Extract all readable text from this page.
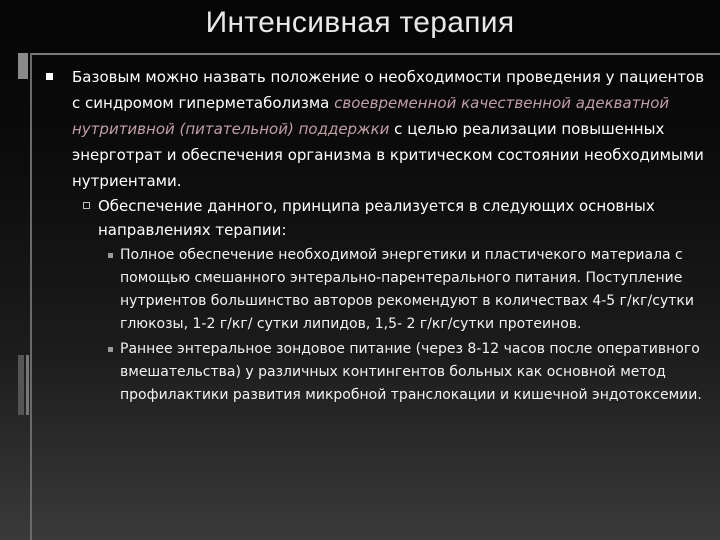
Интенсивная терапия
Базовым можно назвать положение о необходимости проведения у пациентов с синдромом гиперметаболизма своевременной качественной адекватной нутритивной (питательной) поддержки с целью реализации повышенных энерготрат и обеспечения организма в критическом состоянии необходимыми нутриентами.
Обеспечение данного, принципа реализуется в следующих основных направлениях терапии:
Полное обеспечение необходимой энергетики и пластичекого материала с помощью смешанного энтерально-парентерального питания. Поступление нутриентов большинство авторов рекомендуют в количествах 4-5 г/кг/сутки глюкозы, 1-2 г/кг/ сутки липидов, 1,5- 2 г/кг/сутки протеинов.
Раннее энтеральное зондовое питание (через 8-12 часов после оперативного вмешательства) у различных контингентов больных как основной метод профилактики развития микробной транслокации и кишечной эндотоксемии.
